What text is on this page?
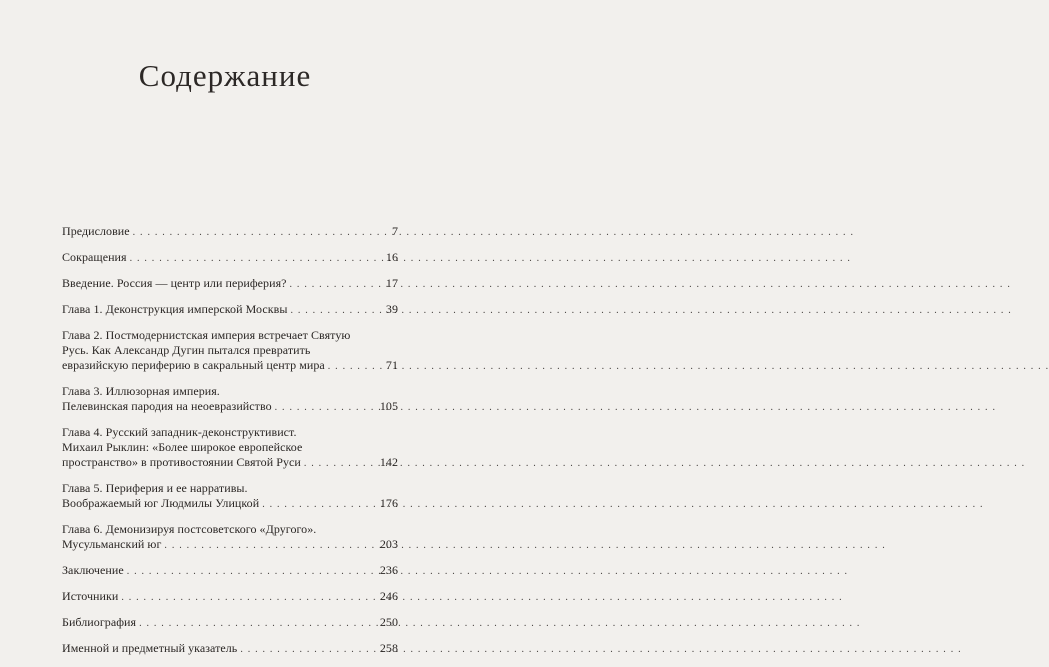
Содержание
Предисловие . . .	7
Сокращения . . .	16
Введение. Россия — центр или периферия? . . .	17
Глава 1. Деконструкция имперской Москвы . . .	39
Глава 2. Постмодернистская империя встречает Святую
Русь. Как Александр Дугин пытался превратить
евразийскую периферию в сакральный центр мира . . .	71
Глава 3. Иллюзорная империя.
Пелевинская пародия на неоевразийство . . .	105
Глава 4. Русский западник-деконструктивист.
Михаил Рыклин: «Более широкое европейское
пространство» в противостоянии Святой Руси . . .	142
Глава 5. Периферия и ее нарративы.
Воображаемый юг Людмилы Улицкой . . .	176
Глава 6. Демонизируя постсоветского «Другого».
Мусульманский юг . . .	203
Заключение . . .	236
Источники . . .	246
Библиография . . .	250
Именной и предметный указатель . . .	258
